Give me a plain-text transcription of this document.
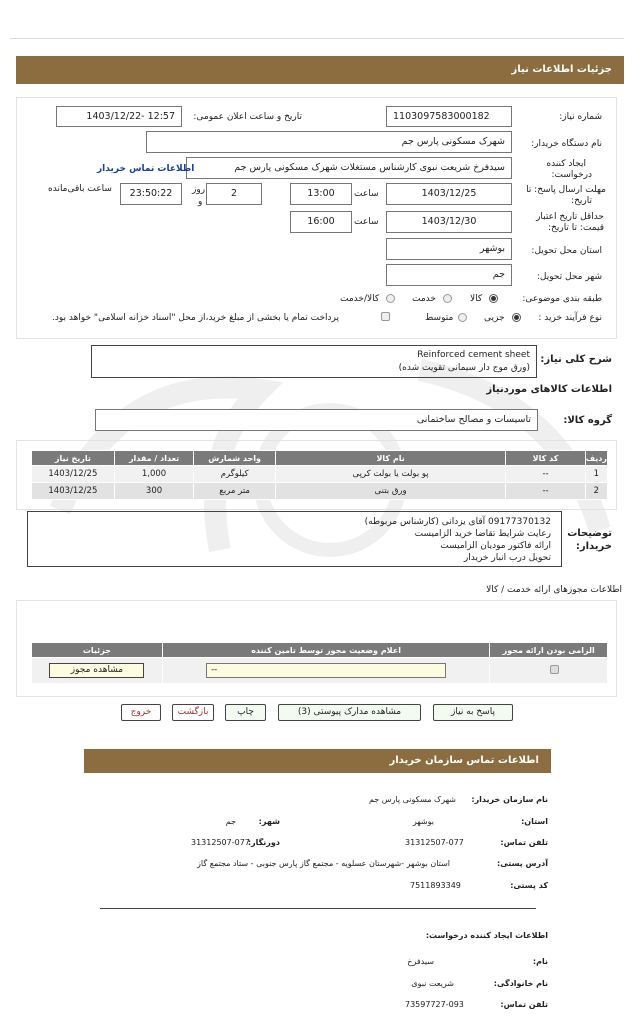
جزئیات اطلاعات نیاز
شماره نیاز:
1103097583000182
تاریخ و ساعت اعلان عمومی:
1403/12/22- 12:57
نام دستگاه خریدار:
شهرک مسکونی پارس جم
ایجاد کننده
درخواست:
سیدفرخ شریعت نبوی کارشناس مستغلات شهرک مسکونی پارس جم
اطلاعات تماس خریدار
مهلت ارسال پاسخ: تا
تاریخ:
1403/12/25
ساعت
13:00
2
روز
و
23:50:22
ساعت باقی‌مانده
حداقل تاریخ اعتبار
قیمت: تا تاریخ:
1403/12/30
ساعت
16:00
استان محل تحویل:
بوشهر
شهر محل تحویل:
جم
طبقه بندی موضوعی:
کالا
خدمت
کالا/خدمت
نوع فرآیند خرید :
جزیی
متوسط
پرداخت تمام یا بخشی از مبلغ خرید،از محل "اسناد خزانه اسلامی" خواهد بود.
شرح کلی نیاز:
Reinforced cement sheet
(ورق موج دار سیمانی تقویت شده)
اطلاعات کالاهای موردنیاز
گروه کالا:
تاسیسات و مصالح ساختمانی
ردیف	کد کالا	نام کالا	واحد شمارش	تعداد / مقدار	تاریخ نیاز
1	--	پو بولت یا بولت کرپی	کیلوگرم	1,000	1403/12/25
2	--	ورق بتنی	متر مربع	300	1403/12/25
توضیحات
خریدار:
09177370132 آقای یزدانی (کارشناس مربوطه)
رعایت شرایط تقاضا خرید الزامیست
ارائه فاکتور موديان الزاميست
تحویل درب انبار خریدار
اطلاعات مجوزهای ارائه خدمت / کالا
الزامی بودن ارائه مجوز	اعلام وضعیت مجوز توسط تامین کننده	جزئیات

	--	مشاهده مجوز
پاسخ به نیاز
مشاهده مدارک پیوستی (3)
چاپ
بازگشت
خروج
اطلاعات تماس سازمان خریدار
نام سازمان خریدار:
شهرک مسکونی پارس جم
استان:
بوشهر
شهر:
جم
تلفن تماس:
31312507-077
دورنگار:
31312507-077
آدرس پستی:
استان بوشهر -شهرستان عسلویه - مجتمع گاز پارس جنوبی - ستاد مجتمع گاز
کد پستی:
7511893349
اطلاعات ایجاد کننده درخواست:
نام:
سیدفرخ
نام خانوادگی:
شریعت نبوی
تلفن تماس:
73597727-093
